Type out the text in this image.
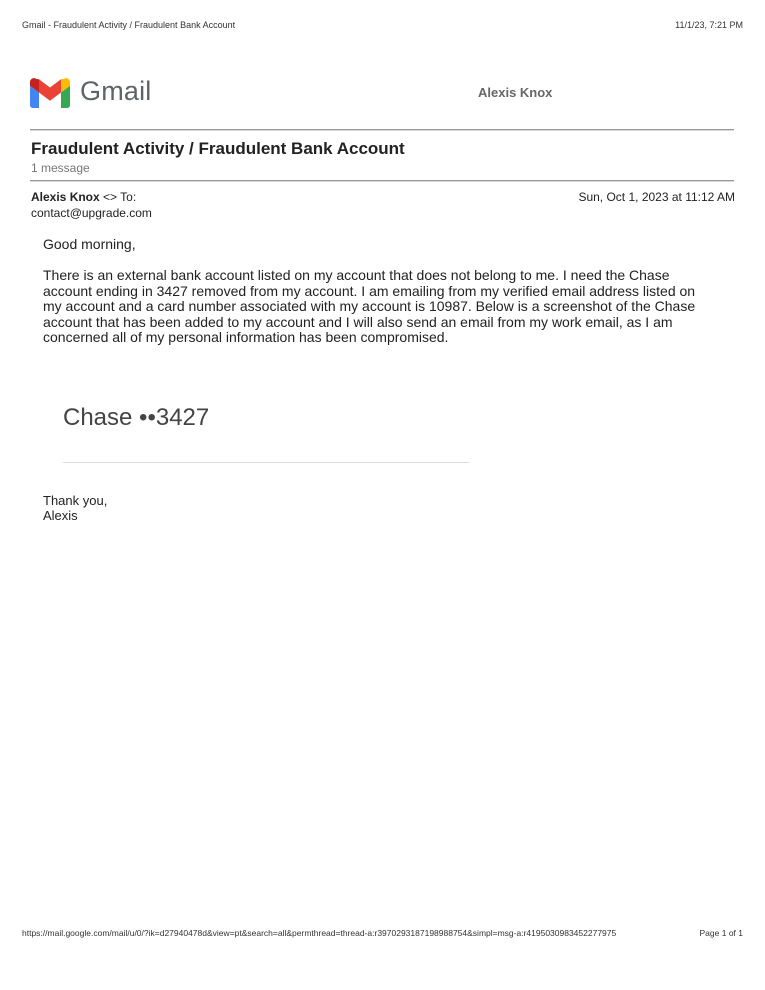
Gmail - Fraudulent Activity / Fraudulent Bank Account	11/1/23, 7:21 PM
Gmail	Alexis Knox
Fraudulent Activity / Fraudulent Bank Account
1 message
Alexis Knox <> To:
contact@upgrade.com
Sun, Oct 1, 2023 at 11:12 AM
Good morning,
There is an external bank account listed on my account that does not belong to me. I need the Chase account ending in 3427 removed from my account. I am emailing from my verified email address listed on my account and a card number associated with my account is 10987. Below is a screenshot of the Chase account that has been added to my account and I will also send an email from my work email, as I am concerned all of my personal information has been compromised.
Chase ••3427
Thank you,
Alexis
https://mail.google.com/mail/u/0/?ik=d27940478d&view=pt&search=all&permthread=thread-a:r3970293187198988754&simpl=msg-a:r4195030983452277975	Page 1 of 1
